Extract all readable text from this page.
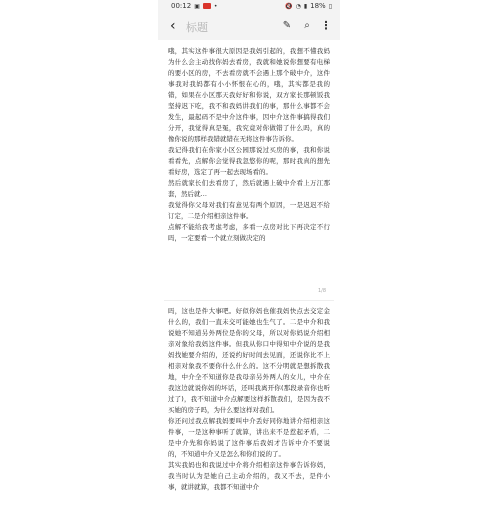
00:12 ▣ •	🔇 ◔ ▮ 18% ▯
‹ 标题	✎	⌕ ⋮
哦，其实这件事很大原因是我妈引起的，我想不懂我妈为什么会主动找你妈去看房，我就和她说你想要有电梯的要小区的房，不去看房就不会遇上那个破中介，这件事我对我妈都有小小怀恨在心的，哦，其实都是我的错，如果在小区那天我好好和你说，双方家长那顿饭我坚持迟下吃，我不和我妈讲我们的事，那什么事都不会发生，最起码不是中介这件事，因中介这件事搞得我们分开，我觉得真是冤，我究竟对你做错了什么吗，真的像你说的那样我错就错在无将这件事告诉你。
我记得我们在你家小区公园那说过买房的事，我和你说看看先，点解你会觉得我忽悠你的呢，那时我真的想先看好房，选定了再一起去现场看的。
然后就家长们去看房了，然后就遇上破中介看上万江那套，然后就…
我觉得你父母对我们有意见有两个原因，一是迟迟不给订定，二是介绍相亲这件事。
点解不能给我考虑考虑，多看一点房对比下再决定不行吗，一定要看一个就立刻做决定的
1/8
吗，这也是件大事吧。好似你妈也催我妈快点去交定金什么的，我们一直未交可能她也生气了。二是中介和我说她不知道另外两位是你的父母，所以对你妈说介绍相亲对象给我妈这件事。但我从你口中得知中介说的是我妈找她要介绍的，还说约好时间去见面，还说你比不上相亲对象我不要你什么什么的。这不分明就是想拆散我地，中介全不知道你是我母亲另外两人的女儿，中介在我这边就说你妈的坏话，还叫我离开你(那段录音你也听过了)，我不知道中介点解要这样拆散我们，是因为我不买她的房子吗，为什么要这样对我们。
你还问过我点解我妈要叫中介丢好同你地讲介绍相亲这件事，一是这种事听了就算，讲出来不是惹起矛盾，二是中介先和你妈说了这件事后我妈才告诉中介不要说的，不知道中介又是怎么和你们说的了。
其实我妈也和我说过中介将介绍相亲这件事告诉你妈，我当时认为是她自己主动介绍的，我又不去，是件小事，就讲就算，我都不知道中介
